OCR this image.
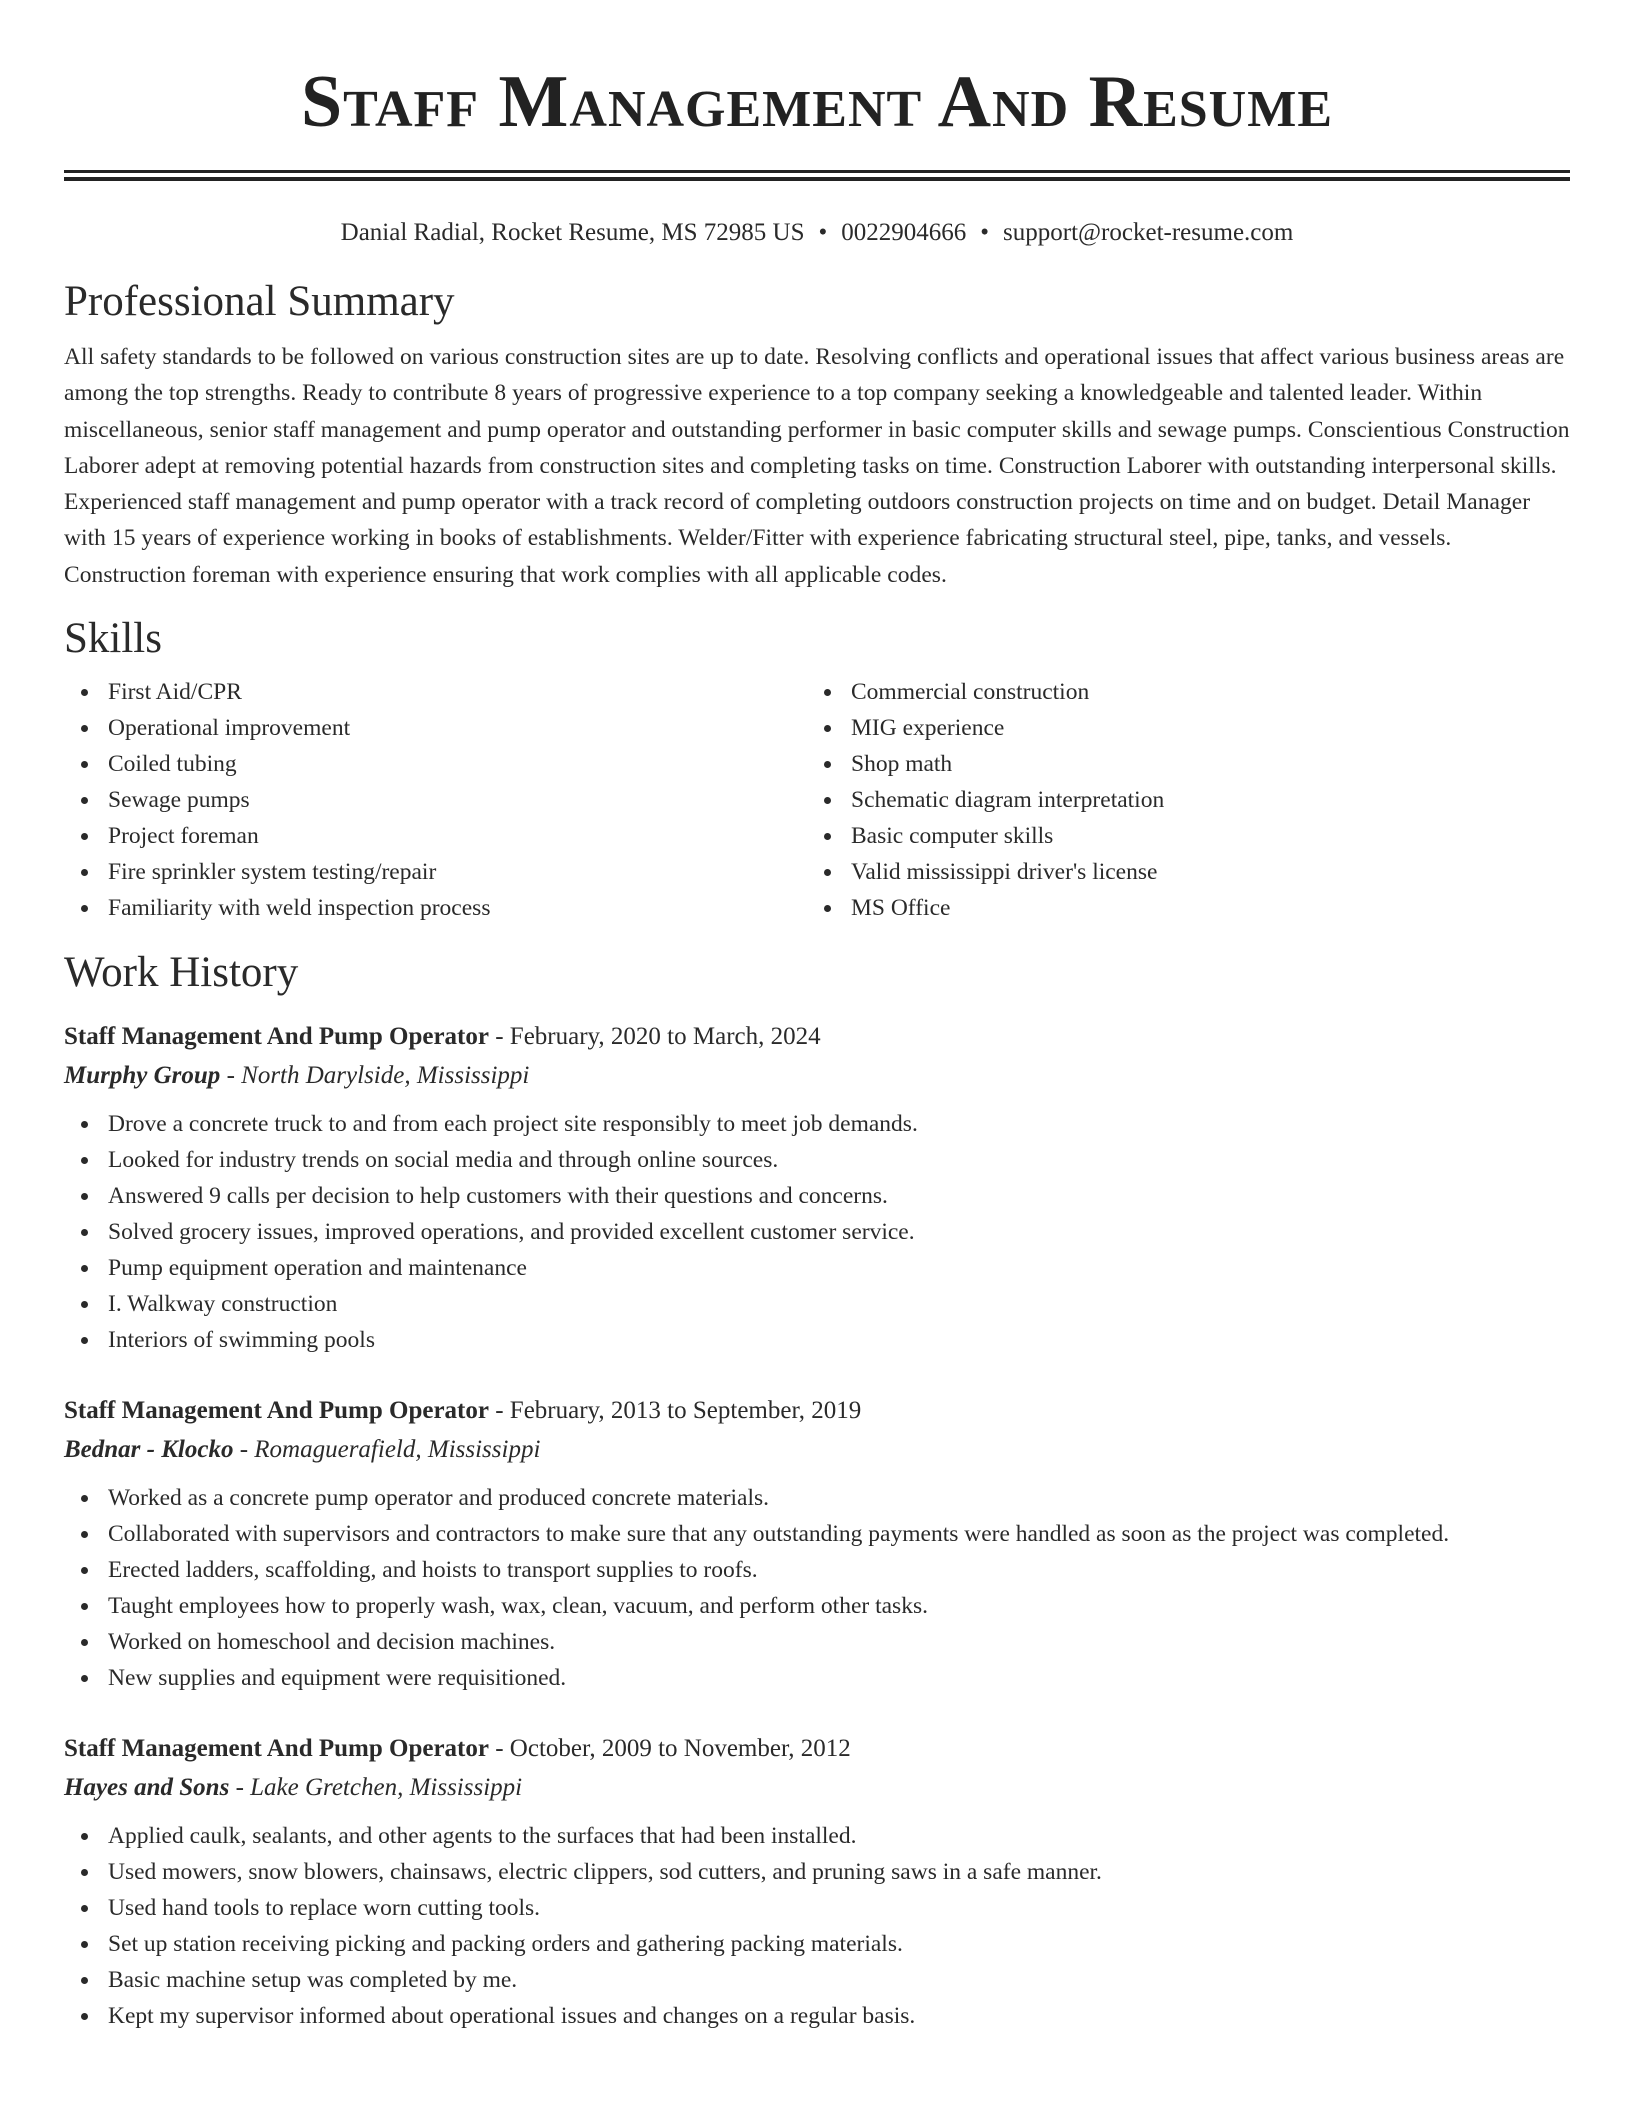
Staff Management And Resume
Danial Radial, Rocket Resume, MS 72985 US • 0022904666 • support@rocket-resume.com
Professional Summary

All safety standards to be followed on various construction sites are up to date. Resolving conflicts and operational issues that affect various business areas are among the top strengths. Ready to contribute 8 years of progressive experience to a top company seeking a knowledgeable and talented leader. Within miscellaneous, senior staff management and pump operator and outstanding performer in basic computer skills and sewage pumps. Conscientious Construction Laborer adept at removing potential hazards from construction sites and completing tasks on time. Construction Laborer with outstanding interpersonal skills. Experienced staff management and pump operator with a track record of completing outdoors construction projects on time and on budget. Detail Manager with 15 years of experience working in books of establishments. Welder/Fitter with experience fabricating structural steel, pipe, tanks, and vessels. Construction foreman with experience ensuring that work complies with all applicable codes.

Skills
First Aid/CPR
Operational improvement
Coiled tubing
Sewage pumps
Project foreman
Fire sprinkler system testing/repair
Familiarity with weld inspection process
Commercial construction
MIG experience
Shop math
Schematic diagram interpretation
Basic computer skills
Valid mississippi driver's license
MS Office
Work History
Staff Management And Pump Operator - February, 2020 to March, 2024
Murphy Group - North Darylside, Mississippi
Drove a concrete truck to and from each project site responsibly to meet job demands.
Looked for industry trends on social media and through online sources.
Answered 9 calls per decision to help customers with their questions and concerns.
Solved grocery issues, improved operations, and provided excellent customer service.
Pump equipment operation and maintenance
I. Walkway construction
Interiors of swimming pools
Staff Management And Pump Operator - February, 2013 to September, 2019
Bednar - Klocko - Romaguerafield, Mississippi
Worked as a concrete pump operator and produced concrete materials.
Collaborated with supervisors and contractors to make sure that any outstanding payments were handled as soon as the project was completed.
Erected ladders, scaffolding, and hoists to transport supplies to roofs.
Taught employees how to properly wash, wax, clean, vacuum, and perform other tasks.
Worked on homeschool and decision machines.
New supplies and equipment were requisitioned.
Staff Management And Pump Operator - October, 2009 to November, 2012
Hayes and Sons - Lake Gretchen, Mississippi
Applied caulk, sealants, and other agents to the surfaces that had been installed.
Used mowers, snow blowers, chainsaws, electric clippers, sod cutters, and pruning saws in a safe manner.
Used hand tools to replace worn cutting tools.
Set up station receiving picking and packing orders and gathering packing materials.
Basic machine setup was completed by me.
Kept my supervisor informed about operational issues and changes on a regular basis.
